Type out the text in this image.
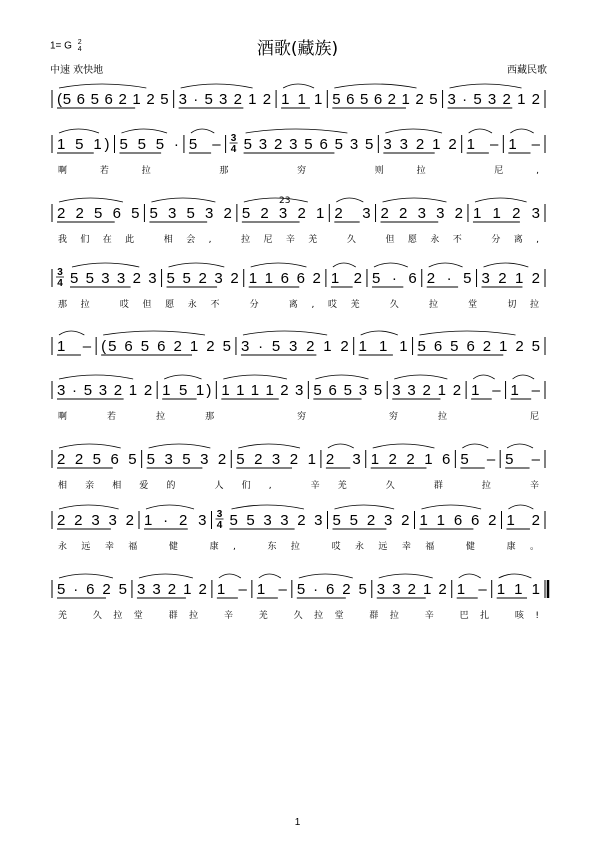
酒歌(藏族)
1= G 2
4
中速 欢快地	西藏民歌
(5 6 5 6 2 1 2 5 3 · 5 3 2 1 2 1 1 1 5 6 5 6 2 1 2 5 3 · 5 3 2 1 2
1 5 1) 5 5 5 · 5 – 3
4 5 3 2 3 5 6 5 3 5 3 3 2 1 2 1 – 1 –
啊若拉 那 穷 则拉 尼,
2 2 5 6 5 5 3 5 3 2 5 2 3 2 1
23
2 3 2 2 3 3 2 1 1 2 3
我们在此 相会, 拉尼辛羌 久 但愿永不 分离,
3
4 5 5 3 3 2 3 5 5 2 3 2 1 1 6 6 2 1 2 5 · 6 2 · 5 3 2 1 2
那拉 哎但愿永不 分 离,哎羌 久 拉 堂 切拉
1 – (5 6 5 6 2 1 2 5 3 · 5 3 2 1 2 1 1 1 5 6 5 6 2 1 2 5
3 · 5 3 2 1 2 1 5 1) 1 1 1 1 2 3 5 6 5 3 5 3 3 2 1 2 1 – 1 –
啊若拉那 穷 穷拉 尼
2 2 5 6 5 5 3 5 3 2 5 2 3 2 1 2 3 1 2 2 1 6 5 – 5 –
相亲相爱的 人们, 辛羌 久 群 拉 辛
2 2 3 3 2 1 · 2 3 3
4 5 5 3 3 2 3 5 5 2 3 2 1 1 6 6 2 1 2
永远幸福 健 康, 东拉 哎永远幸福 健 康。
5 · 6 2 5 3 3 2 1 2 1 – 1 – 5 · 6 2 5 3 3 2 1 2 1 – 1 1 1
羌 久拉堂 群拉 辛 羌 久拉堂 群拉 辛 巴扎 咳!
1
